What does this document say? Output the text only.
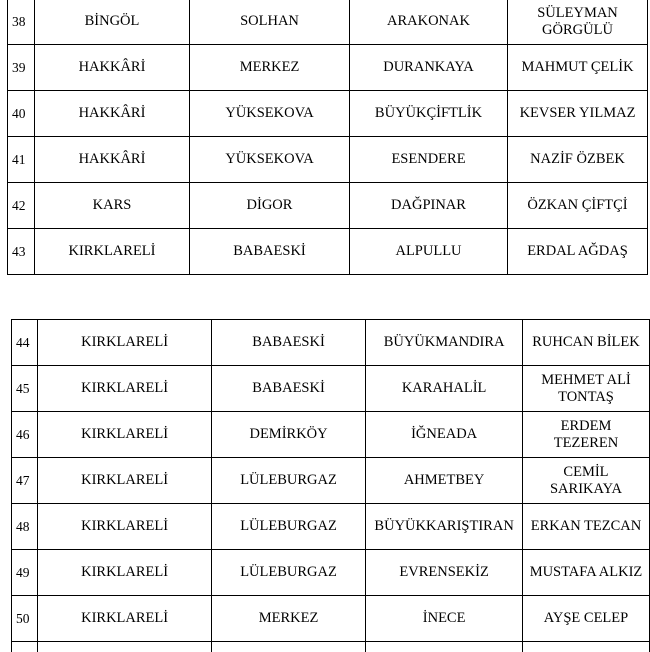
38	BİNGÖL	SOLHAN	ARAKONAK	SÜLEYMAN GÖRGÜLÜ
39	HAKKÂRİ	MERKEZ	DURANKAYA	MAHMUT ÇELİK
40	HAKKÂRİ	YÜKSEKOVA	BÜYÜKÇİFTLİK	KEVSER YILMAZ
41	HAKKÂRİ	YÜKSEKOVA	ESENDERE	NAZİF ÖZBEK
42	KARS	DİGOR	DAĞPINAR	ÖZKAN ÇİFTÇİ
43	KIRKLARELİ	BABAESKİ	ALPULLU	ERDAL AĞDAŞ
44	KIRKLARELİ	BABAESKİ	BÜYÜKMANDIRA	RUHCAN BİLEK
45	KIRKLARELİ	BABAESKİ	KARAHALİL	MEHMET ALİ TONTAŞ
46	KIRKLARELİ	DEMİRKÖY	İĞNEADA	ERDEM TEZEREN
47	KIRKLARELİ	LÜLEBURGAZ	AHMETBEY	CEMİL SARIKAYA
48	KIRKLARELİ	LÜLEBURGAZ	BÜYÜKKARIŞTIRAN	ERKAN TEZCAN
49	KIRKLARELİ	LÜLEBURGAZ	EVRENSEKİZ	MUSTAFA ALKIZ
50	KIRKLARELİ	MERKEZ	İNECE	AYŞE CELEP
